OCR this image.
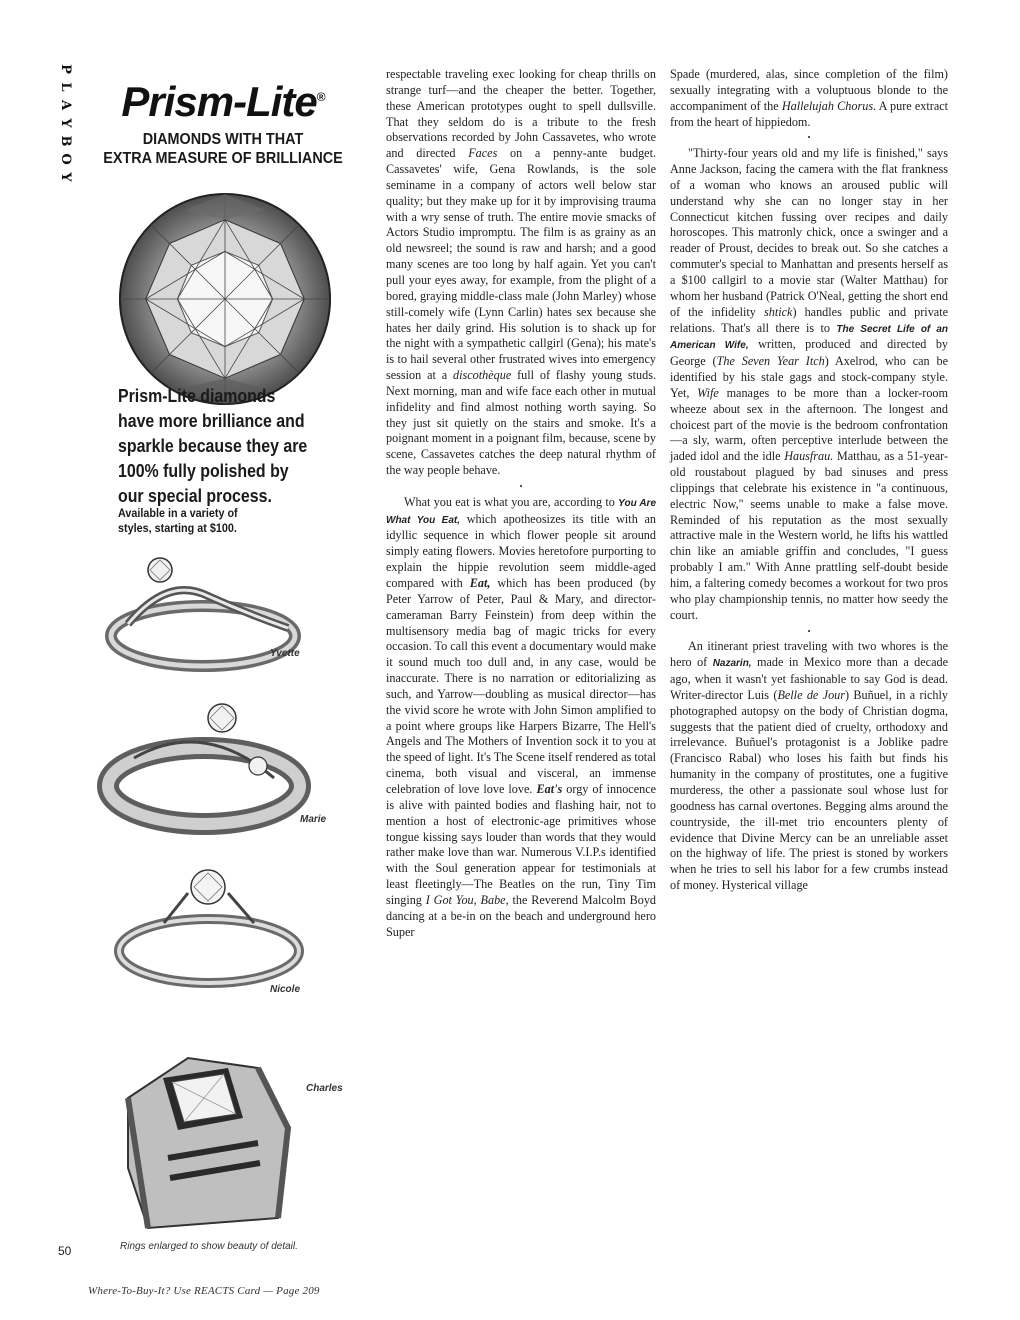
P
L
A
Y
B
O
Y
Prism-Lite®
DIAMONDS WITH THAT
EXTRA MEASURE OF BRILLIANCE
Prism-Lite diamonds
have more brilliance and
sparkle because they are
100% fully polished by
our special process.
Available in a variety of
styles, starting at $100.
Yvette
Marie
Nicole
Charles
Rings enlarged to show beauty of detail.

respectable traveling exec looking for cheap thrills on strange turf—and the cheaper the better. Together, these American prototypes ought to spell dullsville. That they seldom do is a tribute to the fresh observations recorded by John Cassavetes, who wrote and directed Faces on a penny-ante budget. Cassavetes' wife, Gena Rowlands, is the sole seminame in a company of actors well below star quality; but they make up for it by improvising trauma with a wry sense of truth. The entire movie smacks of Actors Studio impromptu. The film is as grainy as an old newsreel; the sound is raw and harsh; and a good many scenes are too long by half again. Yet you can't pull your eyes away, for example, from the plight of a bored, graying middle-class male (John Marley) whose still-comely wife (Lynn Carlin) hates sex because she hates her daily grind. His solution is to shack up for the night with a sympathetic callgirl (Gena); his mate's is to hail several other frustrated wives into emergency session at a discothèque full of flashy young studs. Next morning, man and wife face each other in mutual infidelity and find almost nothing worth saying. So they just sit quietly on the stairs and smoke. It's a poignant moment in a poignant film, because, scene by scene, Cassavetes catches the deep natural rhythm of the way people behave.

·

What you eat is what you are, according to You Are What You Eat, which apotheosizes its title with an idyllic sequence in which flower people sit around simply eating flowers. Movies heretofore purporting to explain the hippie revolution seem middle-aged compared with Eat, which has been produced (by Peter Yarrow of Peter, Paul & Mary, and director-cameraman Barry Feinstein) from deep within the multisensory media bag of magic tricks for every occasion. To call this event a documentary would make it sound much too dull and, in any case, would be inaccurate. There is no narration or editorializing as such, and Yarrow—doubling as musical director—has the vivid score he wrote with John Simon amplified to a point where groups like Harpers Bizarre, The Hell's Angels and The Mothers of Invention sock it to you at the speed of light. It's The Scene itself rendered as total cinema, both visual and visceral, an immense celebration of love love love. Eat's orgy of innocence is alive with painted bodies and flashing hair, not to mention a host of electronic-age primitives whose tongue kissing says louder than words that they would rather make love than war. Numerous V.I.P.s identified with the Soul generation appear for testimonials at least fleetingly—The Beatles on the run, Tiny Tim singing I Got You, Babe, the Reverend Malcolm Boyd dancing at a be-in on the beach and underground hero Super

Spade (murdered, alas, since completion of the film) sexually integrating with a voluptuous blonde to the accompaniment of the Hallelujah Chorus. A pure extract from the heart of hippiedom.

·

"Thirty-four years old and my life is finished," says Anne Jackson, facing the camera with the flat frankness of a woman who knows an aroused public will understand why she can no longer stay in her Connecticut kitchen fussing over recipes and daily horoscopes. This matronly chick, once a swinger and a reader of Proust, decides to break out. So she catches a commuter's special to Manhattan and presents herself as a $100 callgirl to a movie star (Walter Matthau) for whom her husband (Patrick O'Neal, getting the short end of the infidelity shtick) handles public and private relations. That's all there is to The Secret Life of an American Wife, written, produced and directed by George (The Seven Year Itch) Axelrod, who can be identified by his stale gags and stock-company style. Yet, Wife manages to be more than a locker-room wheeze about sex in the afternoon. The longest and choicest part of the movie is the bedroom confrontation—a sly, warm, often perceptive interlude between the jaded idol and the idle Hausfrau. Matthau, as a 51-year-old roustabout plagued by bad sinuses and press clippings that celebrate his existence in "a continuous, electric Now," seems unable to make a false move. Reminded of his reputation as the most sexually attractive male in the Western world, he lifts his wattled chin like an amiable griffin and concludes, "I guess probably I am." With Anne prattling self-doubt beside him, a faltering comedy becomes a workout for two pros who play championship tennis, no matter how seedy the court.

·

An itinerant priest traveling with two whores is the hero of Nazarin, made in Mexico more than a decade ago, when it wasn't yet fashionable to say God is dead. Writer-director Luis (Belle de Jour) Buñuel, in a richly photographed autopsy on the body of Christian dogma, suggests that the patient died of cruelty, orthodoxy and irrelevance. Buñuel's protagonist is a Joblike padre (Francisco Rabal) who loses his faith but finds his humanity in the company of prostitutes, one a fugitive murderess, the other a passionate soul whose lust for goodness has carnal overtones. Begging alms around the countryside, the ill-met trio encounters plenty of evidence that Divine Mercy can be an unreliable asset on the highway of life. The priest is stoned by workers when he tries to sell his labor for a few crumbs instead of money. Hysterical village

50
Where-To-Buy-It? Use REACTS Card — Page 209
